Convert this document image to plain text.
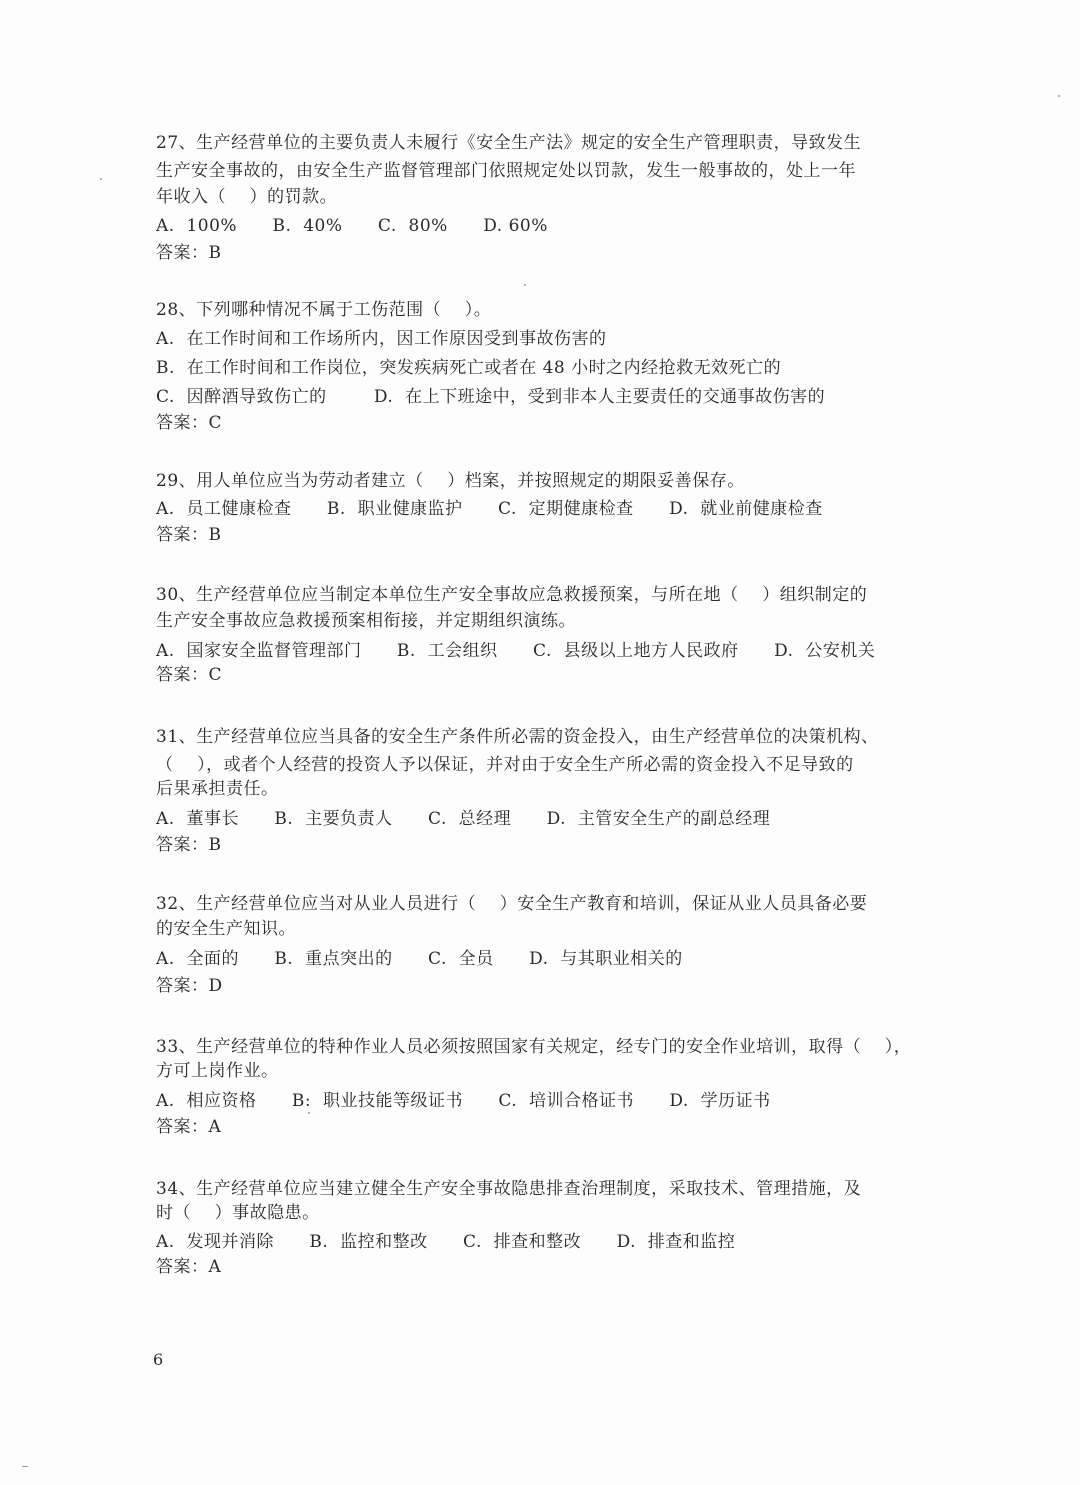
27、生产经营单位的主要负责人未履行《安全生产法》规定的安全生产管理职责，导致发生
生产安全事故的，由安全生产监督管理部门依照规定处以罚款，发生一般事故的，处上一年
年收入（    ）的罚款。
A.  100%      B.  40%      C.  80%      D. 60%
答案：B
28、下列哪种情况不属于工伤范围（    ）。
A.  在工作时间和工作场所内，因工作原因受到事故伤害的
B.  在工作时间和工作岗位，突发疾病死亡或者在 48 小时之内经抢救无效死亡的
C.  因醉酒导致伤亡的        D.  在上下班途中，受到非本人主要责任的交通事故伤害的
答案：C
29、用人单位应当为劳动者建立（    ）档案，并按照规定的期限妥善保存。
A.  员工健康检查      B.  职业健康监护      C.  定期健康检查      D.  就业前健康检查
答案：B
30、生产经营单位应当制定本单位生产安全事故应急救援预案，与所在地（    ）组织制定的
生产安全事故应急救援预案相衔接，并定期组织演练。
A.  国家安全监督管理部门      B.  工会组织      C.  县级以上地方人民政府      D.  公安机关
答案：C
31、生产经营单位应当具备的安全生产条件所必需的资金投入，由生产经营单位的决策机构、
（    ），或者个人经营的投资人予以保证，并对由于安全生产所必需的资金投入不足导致的
后果承担责任。
A.  董事长      B.  主要负责人      C.  总经理      D.  主管安全生产的副总经理
答案：B
32、生产经营单位应当对从业人员进行（    ）安全生产教育和培训，保证从业人员具备必要
的安全生产知识。
A.  全面的      B.  重点突出的      C.  全员      D.  与其职业相关的
答案：D
33、生产经营单位的特种作业人员必须按照国家有关规定，经专门的安全作业培训，取得（    ），
方可上岗作业。
A.  相应资格      B:  职业技能等级证书      C.  培训合格证书      D.  学历证书
答案：A
34、生产经营单位应当建立健全生产安全事故隐患排查治理制度，采取技术、管理措施，及
时（    ）事故隐患。
A.  发现并消除      B.  监控和整改      C.  排查和整改      D.  排查和监控
答案：A
6
